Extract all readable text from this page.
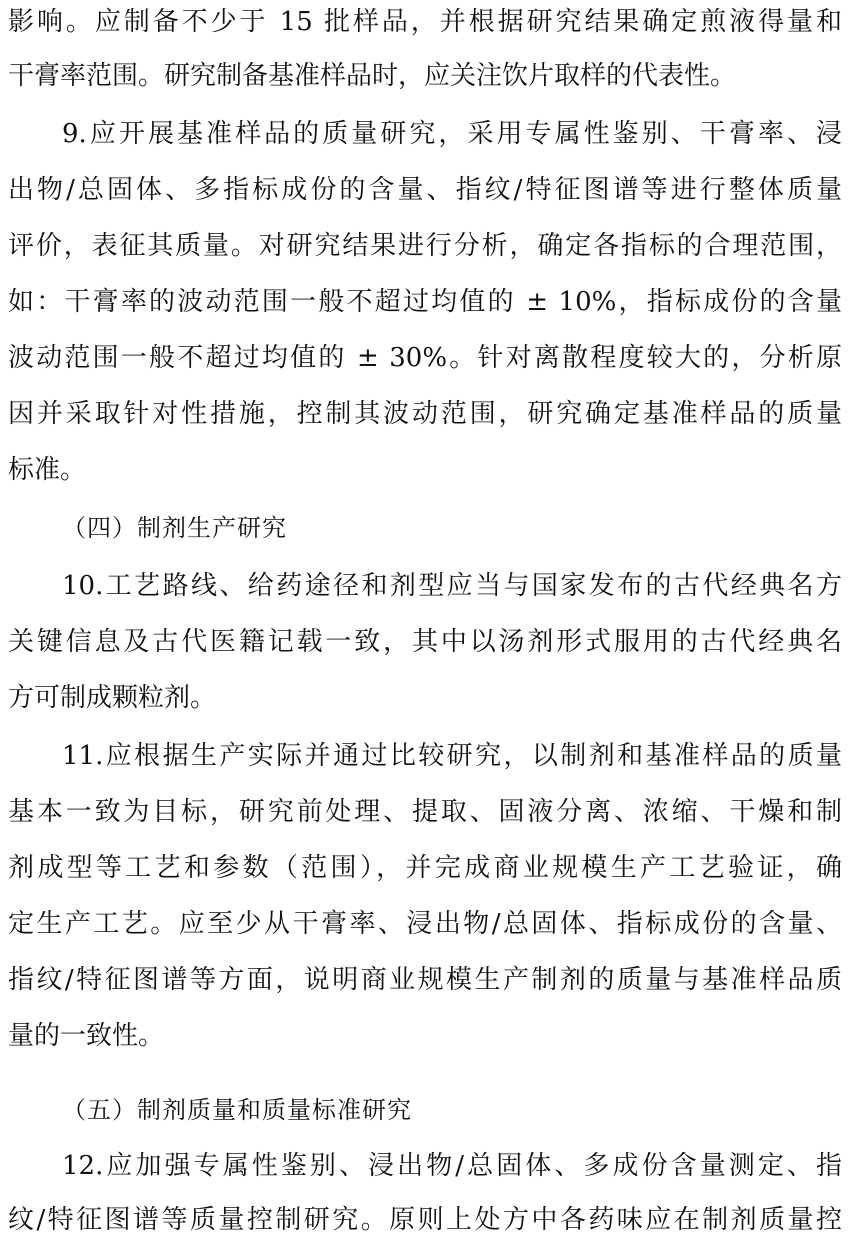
影响。应制备不少于 15 批样品，并根据研究结果确定煎液得量和
干膏率范围。研究制备基准样品时，应关注饮片取样的代表性。
9.应开展基准样品的质量研究，采用专属性鉴别、干膏率、浸
出物/总固体、多指标成份的含量、指纹/特征图谱等进行整体质量
评价，表征其质量。对研究结果进行分析，确定各指标的合理范围，
如：干膏率的波动范围一般不超过均值的 ± 10%，指标成份的含量
波动范围一般不超过均值的 ± 30%。针对离散程度较大的，分析原
因并采取针对性措施，控制其波动范围，研究确定基准样品的质量
标准。
（四）制剂生产研究
10.工艺路线、给药途径和剂型应当与国家发布的古代经典名方
关键信息及古代医籍记载一致，其中以汤剂形式服用的古代经典名
方可制成颗粒剂。
11.应根据生产实际并通过比较研究，以制剂和基准样品的质量
基本一致为目标，研究前处理、提取、固液分离、浓缩、干燥和制
剂成型等工艺和参数（范围），并完成商业规模生产工艺验证，确
定生产工艺。应至少从干膏率、浸出物/总固体、指标成份的含量、
指纹/特征图谱等方面，说明商业规模生产制剂的质量与基准样品质
量的一致性。
（五）制剂质量和质量标准研究
12.应加强专属性鉴别、浸出物/总固体、多成份含量测定、指
纹/特征图谱等质量控制研究。原则上处方中各药味应在制剂质量控
